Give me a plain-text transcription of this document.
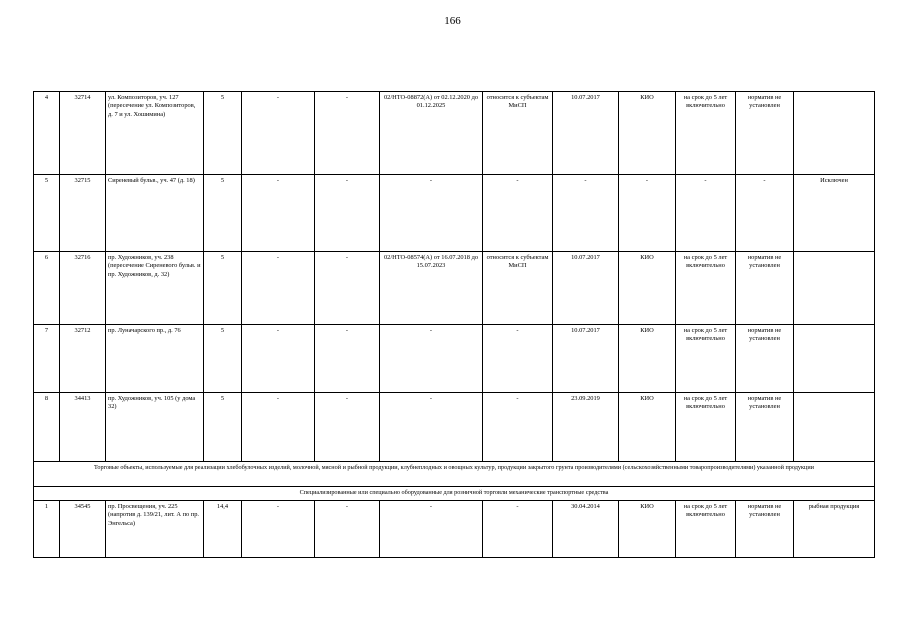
166
4	32714	ул. Композиторов, уч. 127 (пересечение ул. Композиторов, д. 7 и ул. Хошимина)	5	-	-	02/НТО-08872(А) от 02.12.2020 до 01.12.2025	относится к субъектам МиСП	10.07.2017	КИО	на срок до 5 лет включительно	норматив не установлен	
5	32715	Сиреневый бульв., уч. 47 (д. 18)	5	-	-	-	-	-	-	-	-	Исключен
6	32716	пр. Художников, уч. 238 (пересечение Сиреневого бульв. и пр. Художников, д. 32)	5	-	-	02/НТО-08574(А) от 16.07.2018 до 15.07.2023	относится к субъектам МиСП	10.07.2017	КИО	на срок до 5 лет включительно	норматив не установлен	
7	32712	пр. Луначарского пр., д. 76	5	-	-	-	-	10.07.2017	КИО	на срок до 5 лет включительно	норматив не установлен	
8	34413	пр. Художников, уч. 105 (у дома 32)	5	-	-	-	-	23.09.2019	КИО	на срок до 5 лет включительно	норматив не установлен	
Торговые объекты, используемые для реализации хлебобулочных изделий, молочной, мясной и рыбной продукции, клубнеплодных и овощных культур, продукции закрытого грунта производителями (сельскохозяйственными товаропроизводителями) указанной продукции												
Специализированные или специально оборудованные для розничной торговли механические транспортные средства												
1	34545	пр. Просвещения, уч. 225 (напротив д. 139/21, лит. А по пр. Энгельса)	14,4	-	-	-	-	30.04.2014	КИО	на срок до 5 лет включительно	норматив не установлен	рыбная продукция
